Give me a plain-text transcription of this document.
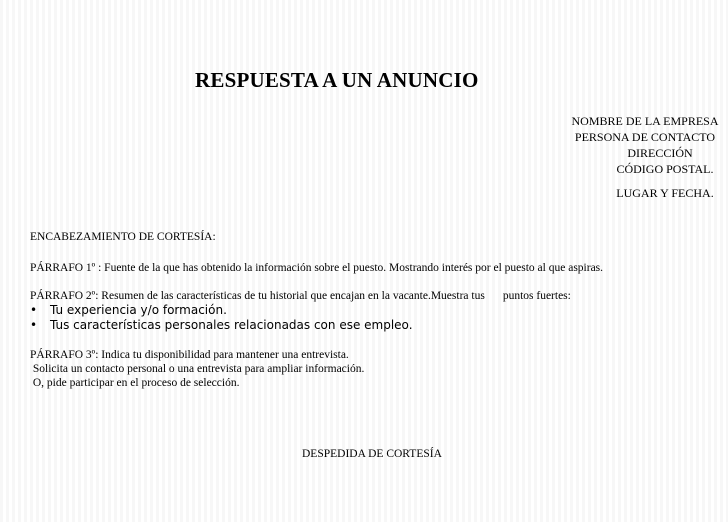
RESPUESTA A UN ANUNCIO
NOMBRE DE LA EMPRESA
PERSONA DE CONTACTO
DIRECCIÓN
CÓDIGO POSTAL.
LUGAR Y FECHA.
ENCABEZAMIENTO DE CORTESÍA:
PÁRRAFO 1º : Fuente de la que has obtenido la información sobre el puesto. Mostrando interés por el puesto al que aspiras.
PÁRRAFO 2º: Resumen de las características de tu historial que encajan en la vacante.Muestra tus puntos fuertes:
• Tu experiencia y/o formación.
• Tus características personales relacionadas con ese empleo.
PÁRRAFO 3º: Indica tu disponibilidad para mantener una entrevista.
Solicita un contacto personal o una entrevista para ampliar información.
O, pide participar en el proceso de selección.
DESPEDIDA DE CORTESÍA
